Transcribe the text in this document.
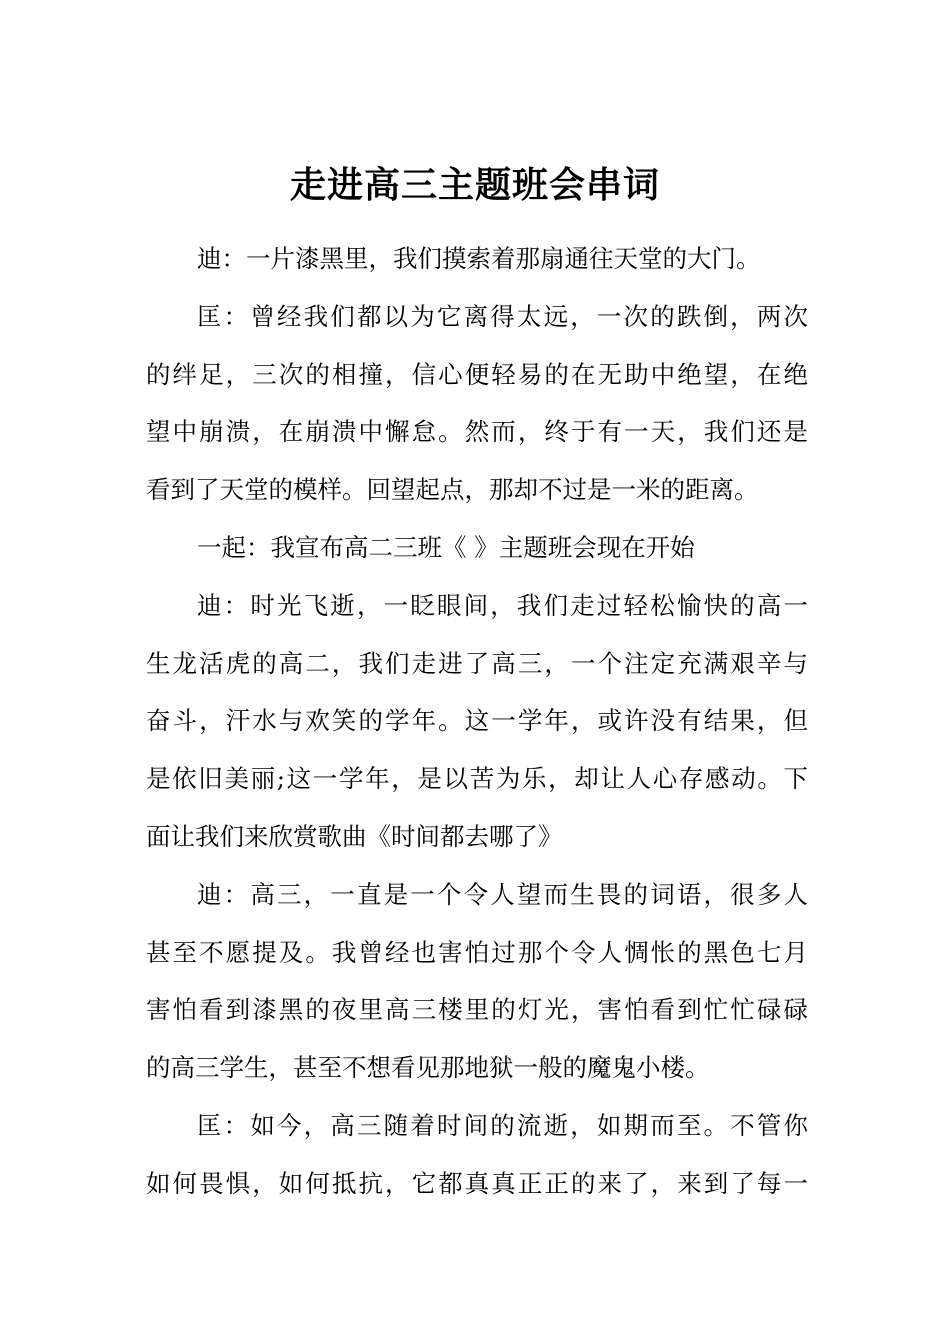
走进高三主题班会串词
迪：一片漆黑里，我们摸索着那扇通往天堂的大门。
匡：曾经我们都以为它离得太远，一次的跌倒，两次
的绊足，三次的相撞，信心便轻易的在无助中绝望，在绝
望中崩溃，在崩溃中懈怠。然而，终于有一天，我们还是
看到了天堂的模样。回望起点，那却不过是一米的距离。
一起：我宣布高二三班《 》主题班会现在开始
迪：时光飞逝，一眨眼间，我们走过轻松愉快的高一
生龙活虎的高二，我们走进了高三，一个注定充满艰辛与
奋斗，汗水与欢笑的学年。这一学年，或许没有结果，但
是依旧美丽;这一学年，是以苦为乐，却让人心存感动。下
面让我们来欣赏歌曲《时间都去哪了》
迪：高三，一直是一个令人望而生畏的词语，很多人
甚至不愿提及。我曾经也害怕过那个令人惆怅的黑色七月
害怕看到漆黑的夜里高三楼里的灯光，害怕看到忙忙碌碌
的高三学生，甚至不想看见那地狱一般的魔鬼小楼。
匡：如今，高三随着时间的流逝，如期而至。不管你
如何畏惧，如何抵抗，它都真真正正的来了，来到了每一
